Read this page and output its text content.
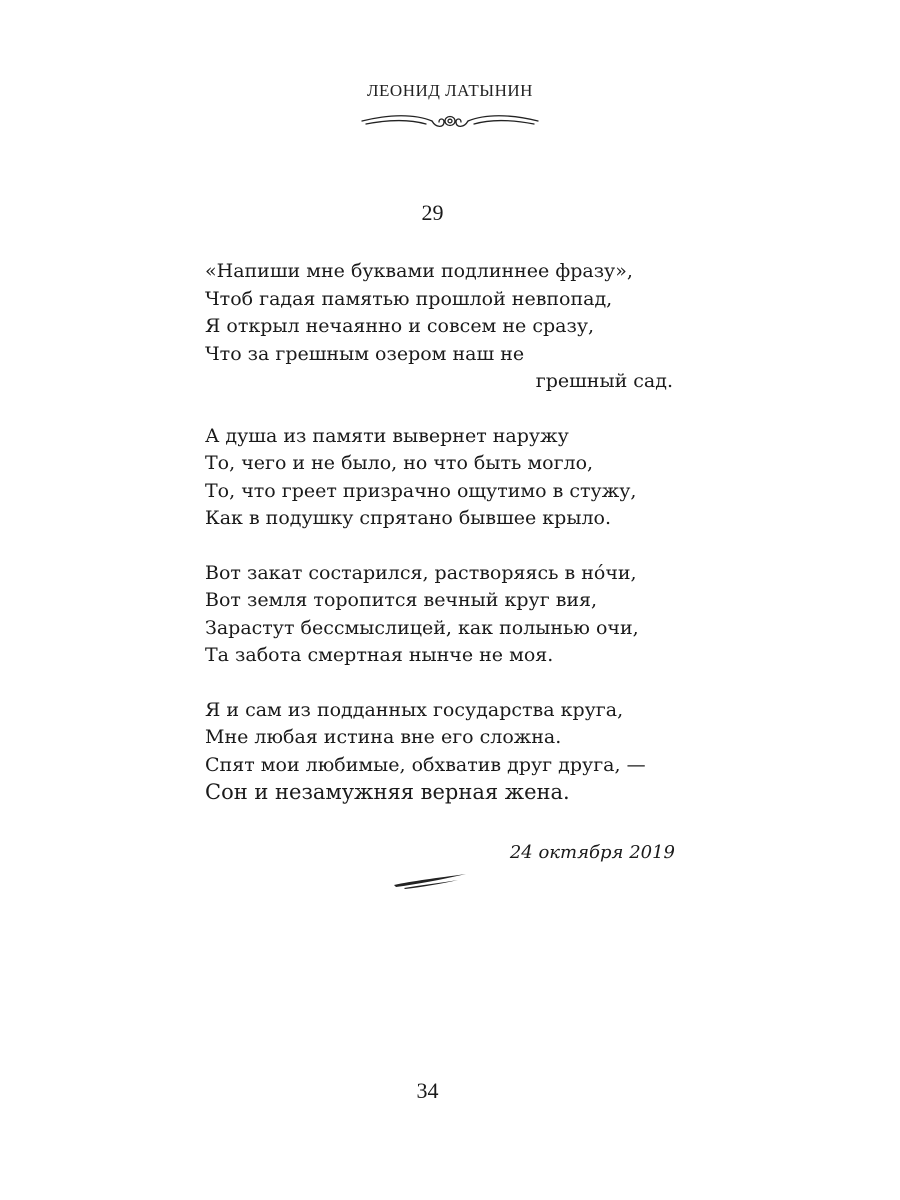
ЛЕОНИД ЛАТЫНИН
29
«Напиши мне буквами подлиннее фразу»,
Чтоб гадая памятью прошлой невпопад,
Я открыл нечаянно и совсем не сразу,
Что за грешным озером наш не
грешный сад.
А душа из памяти вывернет наружу
То, чего и не было, но что быть могло,
То, что греет призрачно ощутимо в стужу,
Как в подушку спрятано бывшее крыло.
Вот закат состарился, растворяясь в но́чи,
Вот земля торопится вечный круг вия,
Зарастут бессмыслицей, как полынью очи,
Та забота смертная нынче не моя.
Я и сам из подданных государства круга,
Мне любая истина вне его сложна.
Спят мои любимые, обхватив друг друга, —
Сон и незамужняя верная жена.
24 октября 2019
34
